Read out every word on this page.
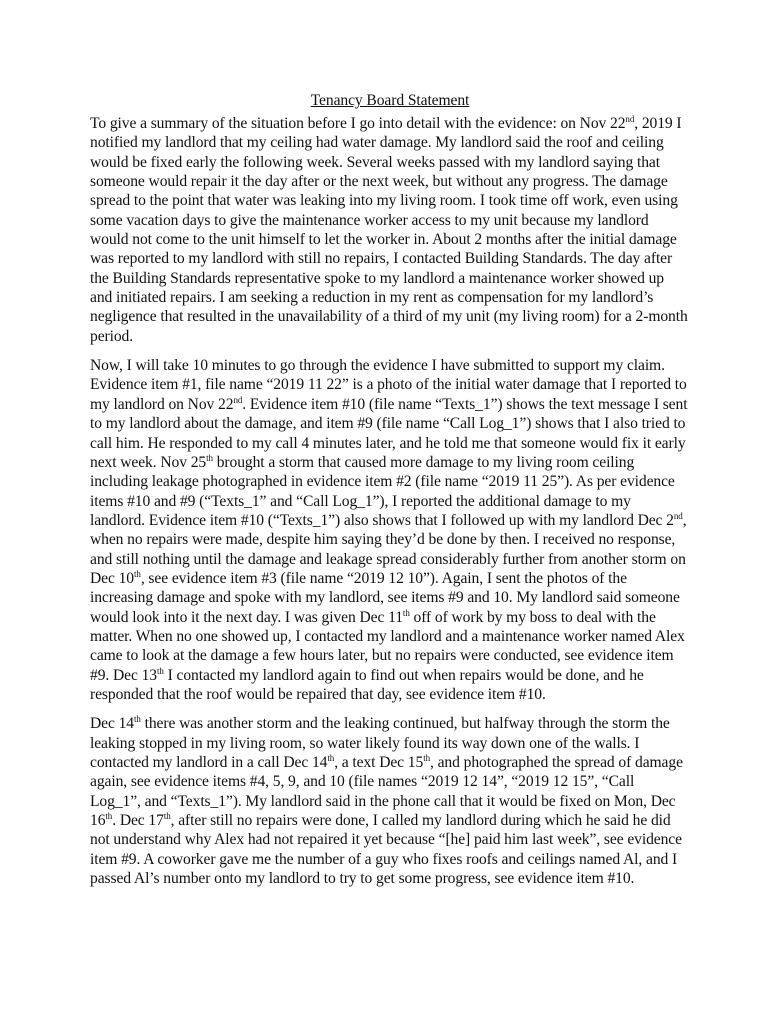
Tenancy Board Statement
To give a summary of the situation before I go into detail with the evidence: on Nov 22nd, 2019 I
notified my landlord that my ceiling had water damage. My landlord said the roof and ceiling
would be fixed early the following week. Several weeks passed with my landlord saying that
someone would repair it the day after or the next week, but without any progress. The damage
spread to the point that water was leaking into my living room. I took time off work, even using
some vacation days to give the maintenance worker access to my unit because my landlord
would not come to the unit himself to let the worker in. About 2 months after the initial damage
was reported to my landlord with still no repairs, I contacted Building Standards. The day after
the Building Standards representative spoke to my landlord a maintenance worker showed up
and initiated repairs. I am seeking a reduction in my rent as compensation for my landlord’s
negligence that resulted in the unavailability of a third of my unit (my living room) for a 2-month
period.
Now, I will take 10 minutes to go through the evidence I have submitted to support my claim.
Evidence item #1, file name “2019 11 22” is a photo of the initial water damage that I reported to
my landlord on Nov 22nd. Evidence item #10 (file name “Texts_1”) shows the text message I sent
to my landlord about the damage, and item #9 (file name “Call Log_1”) shows that I also tried to
call him. He responded to my call 4 minutes later, and he told me that someone would fix it early
next week. Nov 25th brought a storm that caused more damage to my living room ceiling
including leakage photographed in evidence item #2 (file name “2019 11 25”). As per evidence
items #10 and #9 (“Texts_1” and “Call Log_1”), I reported the additional damage to my
landlord. Evidence item #10 (“Texts_1”) also shows that I followed up with my landlord Dec 2nd,
when no repairs were made, despite him saying they’d be done by then. I received no response,
and still nothing until the damage and leakage spread considerably further from another storm on
Dec 10th, see evidence item #3 (file name “2019 12 10”). Again, I sent the photos of the
increasing damage and spoke with my landlord, see items #9 and 10. My landlord said someone
would look into it the next day. I was given Dec 11th off of work by my boss to deal with the
matter. When no one showed up, I contacted my landlord and a maintenance worker named Alex
came to look at the damage a few hours later, but no repairs were conducted, see evidence item
#9. Dec 13th I contacted my landlord again to find out when repairs would be done, and he
responded that the roof would be repaired that day, see evidence item #10.
Dec 14th there was another storm and the leaking continued, but halfway through the storm the
leaking stopped in my living room, so water likely found its way down one of the walls. I
contacted my landlord in a call Dec 14th, a text Dec 15th, and photographed the spread of damage
again, see evidence items #4, 5, 9, and 10 (file names “2019 12 14”, “2019 12 15”, “Call
Log_1”, and “Texts_1”). My landlord said in the phone call that it would be fixed on Mon, Dec
16th. Dec 17th, after still no repairs were done, I called my landlord during which he said he did
not understand why Alex had not repaired it yet because “[he] paid him last week”, see evidence
item #9. A coworker gave me the number of a guy who fixes roofs and ceilings named Al, and I
passed Al’s number onto my landlord to try to get some progress, see evidence item #10.
